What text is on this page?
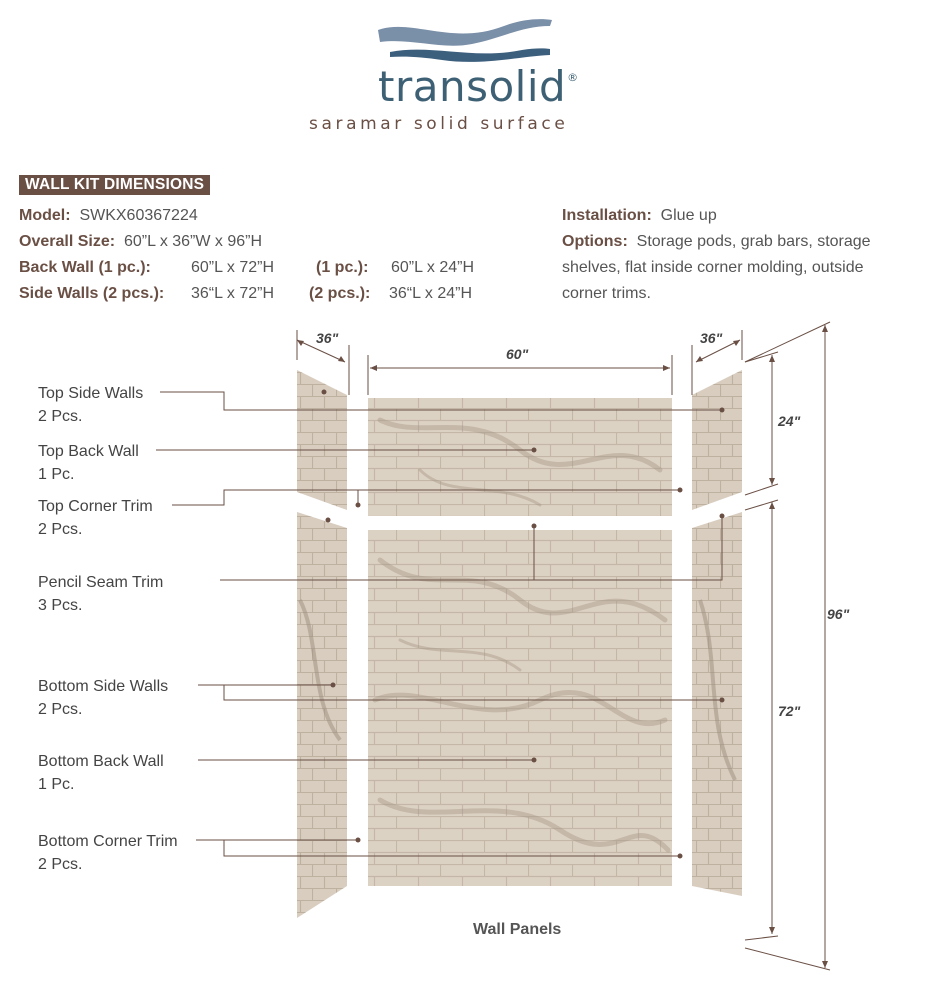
transolid®
saramar solid surface
WALL KIT DIMENSIONS
Model: SWKX60367224
Overall Size: 60”L x 36”W x 96”H
Back Wall (1 pc.):	60”L x 72”H	(1 pc.): 60”L x 24”H
Side Walls (2 pcs.): 36“L x 72”H (2 pcs.): 36“L x 24”H
Installation: Glue up
Options: Storage pods, grab bars, storage
shelves, flat inside corner molding, outside
corner trims.
36"
60"
36"
24"
72"
96"
Top Side Walls
2 Pcs.
Top Back Wall
1 Pc.
Top Corner Trim
2 Pcs.
Pencil Seam Trim
3 Pcs.
Bottom Side Walls
2 Pcs.
Bottom Back Wall
1 Pc.
Bottom Corner Trim
2 Pcs.
Wall Panels
